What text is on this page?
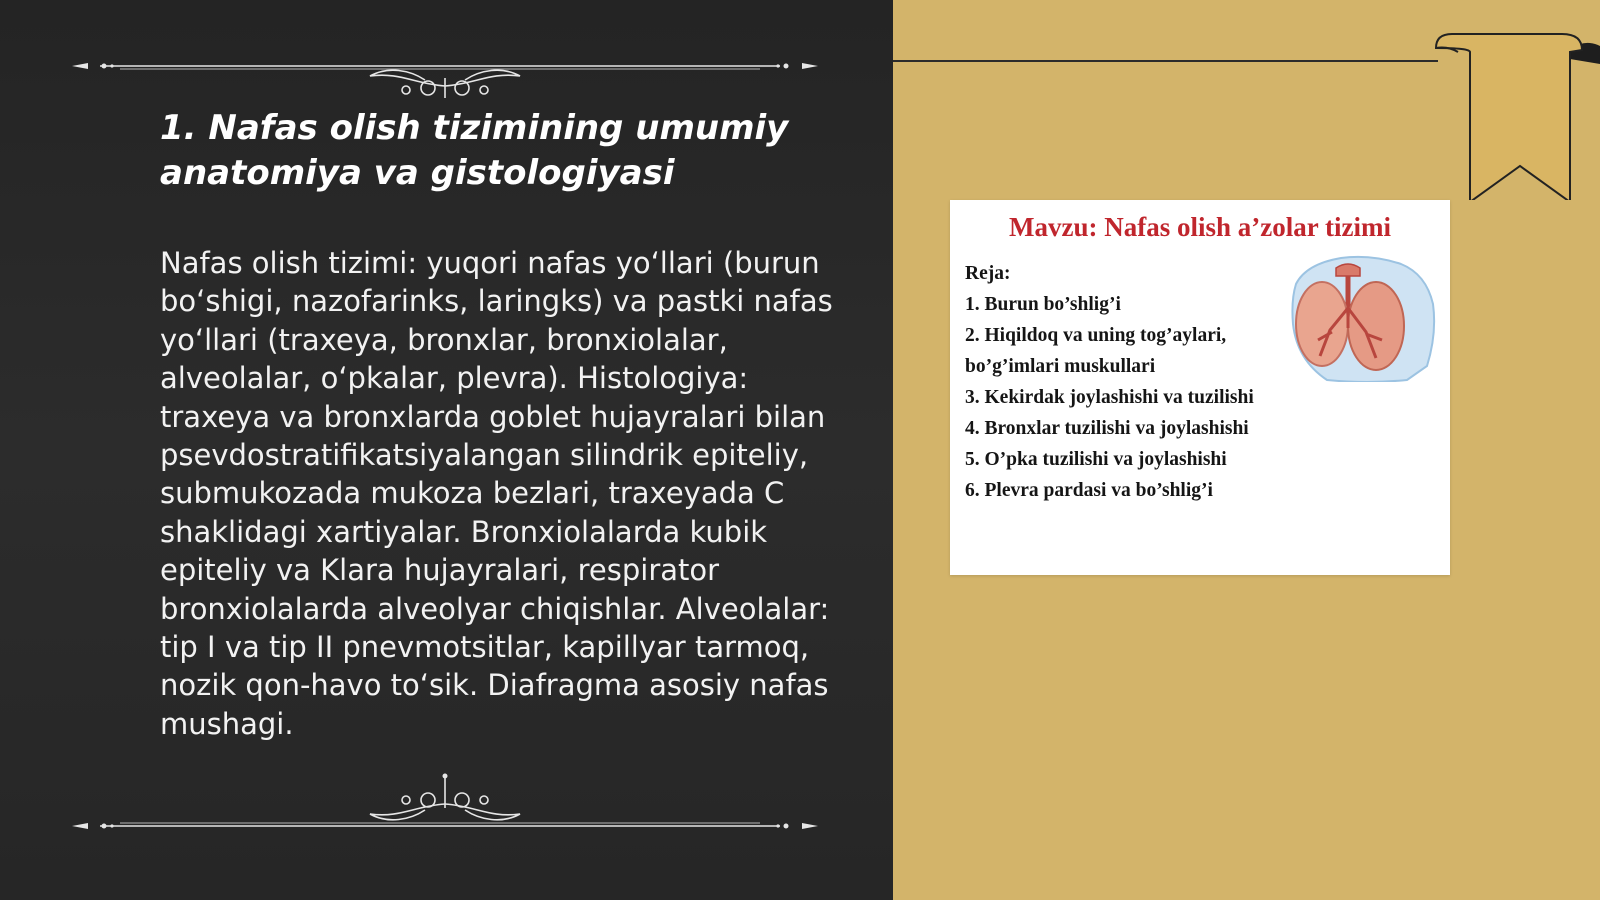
1. Nafas olish tizimining umumiy anatomiya va gistologiyasi

Nafas olish tizimi: yuqori nafas yo‘llari (burun bo‘shigi, nazofarinks, laringks) va pastki nafas yo‘llari (traxeya, bronxlar, bronxiolalar, alveolalar, o‘pkalar, plevra). Histologiya: traxeya va bronxlarda goblet hujayralari bilan psevdostratifikatsiyalangan silindrik epiteliy, submukozada mukoza bezlari, traxeyada C shaklidagi xartiyalar. Bronxiolalarda kubik epiteliy va Klara hujayralari, respirator bronxiolalarda alveolyar chiqishlar. Alveolalar: tip I va tip II pnevmotsitlar, kapillyar tarmoq, nozik qon-havo to‘sik. Diafragma asosiy nafas mushagi.

Mavzu: Nafas olish a’zolar tizimi
Reja:
1. Burun bo’shlig’i
2. Hiqildoq va uning tog’aylari,
bo’g’imlari muskullari
3. Kekirdak joylashishi va tuzilishi
4. Bronxlar tuzilishi va joylashishi
5. O’pka tuzilishi va joylashishi
6. Plevra pardasi va bo’shlig’i
